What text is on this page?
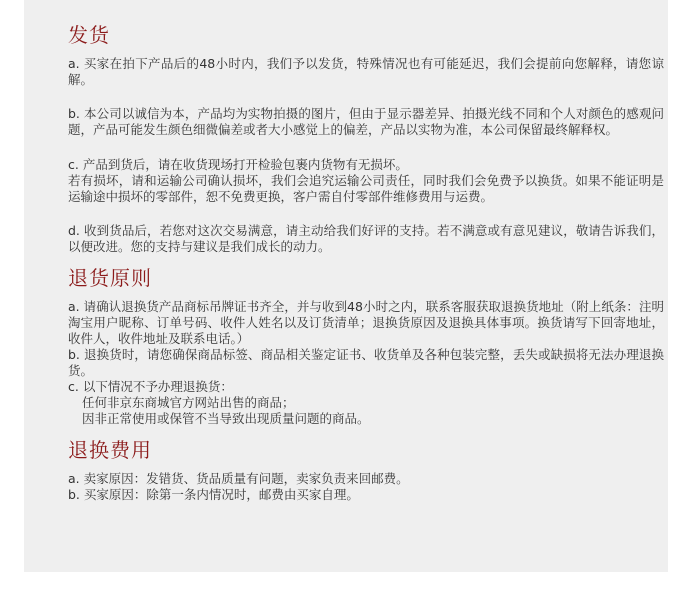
发货

a. 买家在拍下产品后的48小时内，我们予以发货，特殊情况也有可能延迟，我们会提前向您解释，请您谅解。

b. 本公司以诚信为本，产品均为实物拍摄的图片，但由于显示器差异、拍摄光线不同和个人对颜色的感观问题，产品可能发生颜色细微偏差或者大小感觉上的偏差，产品以实物为准，本公司保留最终解释权。

c. 产品到货后，请在收货现场打开检验包裹内货物有无损坏。
若有损坏，请和运输公司确认损坏，我们会追究运输公司责任，同时我们会免费予以换货。如果不能证明是运输途中损坏的零部件，恕不免费更换，客户需自付零部件维修费用与运费。

d. 收到货品后，若您对这次交易满意，请主动给我们好评的支持。若不满意或有意见建议，敬请告诉我们，以便改进。您的支持与建议是我们成长的动力。

退货原则

a. 请确认退换货产品商标吊牌证书齐全，并与收到48小时之内，联系客服获取退换货地址（附上纸条：注明淘宝用户昵称、订单号码、收件人姓名以及订货清单；退换货原因及退换具体事项。换货请写下回寄地址，收件人，收件地址及联系电话。）

b. 退换货时，请您确保商品标签、商品相关鉴定证书、收货单及各种包装完整，丢失或缺损将无法办理退换货。

c. 以下情况不予办理退换货：

任何非京东商城官方网站出售的商品；

因非正常使用或保管不当导致出现质量问题的商品。

退换费用

a. 卖家原因：发错货、货品质量有问题，卖家负责来回邮费。

b. 买家原因：除第一条内情况时，邮费由买家自理。
